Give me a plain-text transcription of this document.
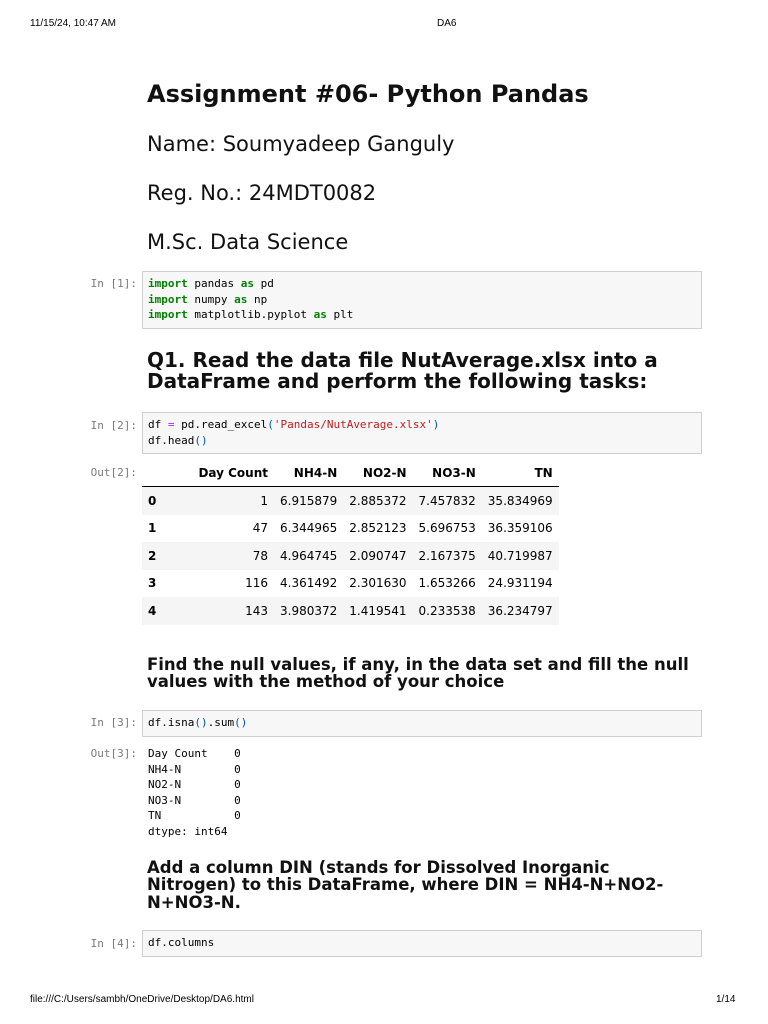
11/15/24, 10:47 AM	DA6
Assignment #06- Python Pandas
Name: Soumyadeep Ganguly
Reg. No.: 24MDT0082
M.Sc. Data Science
In [1]:	import pandas as pd
import numpy as np
import matplotlib.pyplot as plt
Q1. Read the data file NutAverage.xlsx into a DataFrame and perform the following tasks:
In [2]:	df = pd.read_excel('Pandas/NutAverage.xlsx')
df.head()
Out[2]:
		Day Count	NH4-N	NO2-N	NO3-N	TN
0	1	6.915879	2.885372	7.457832	35.834969
1	47	6.344965	2.852123	5.696753	36.359106
2	78	4.964745	2.090747	2.167375	40.719987
3	116	4.361492	2.301630	1.653266	24.931194
4	143	3.980372	1.419541	0.233538	36.234797
Find the null values, if any, in the data set and fill the null values with the method of your choice
In [3]:	df.isna().sum()
Out[3]: Day Count    0
NH4-N        0
NO2-N        0
NO3-N        0
TN           0
dtype: int64
Add a column DIN (stands for Dissolved Inorganic Nitrogen) to this DataFrame, where DIN = NH4-N+NO2-N+NO3-N.
In [4]:	df.columns
file:///C:/Users/sambh/OneDrive/Desktop/DA6.html	1/14
